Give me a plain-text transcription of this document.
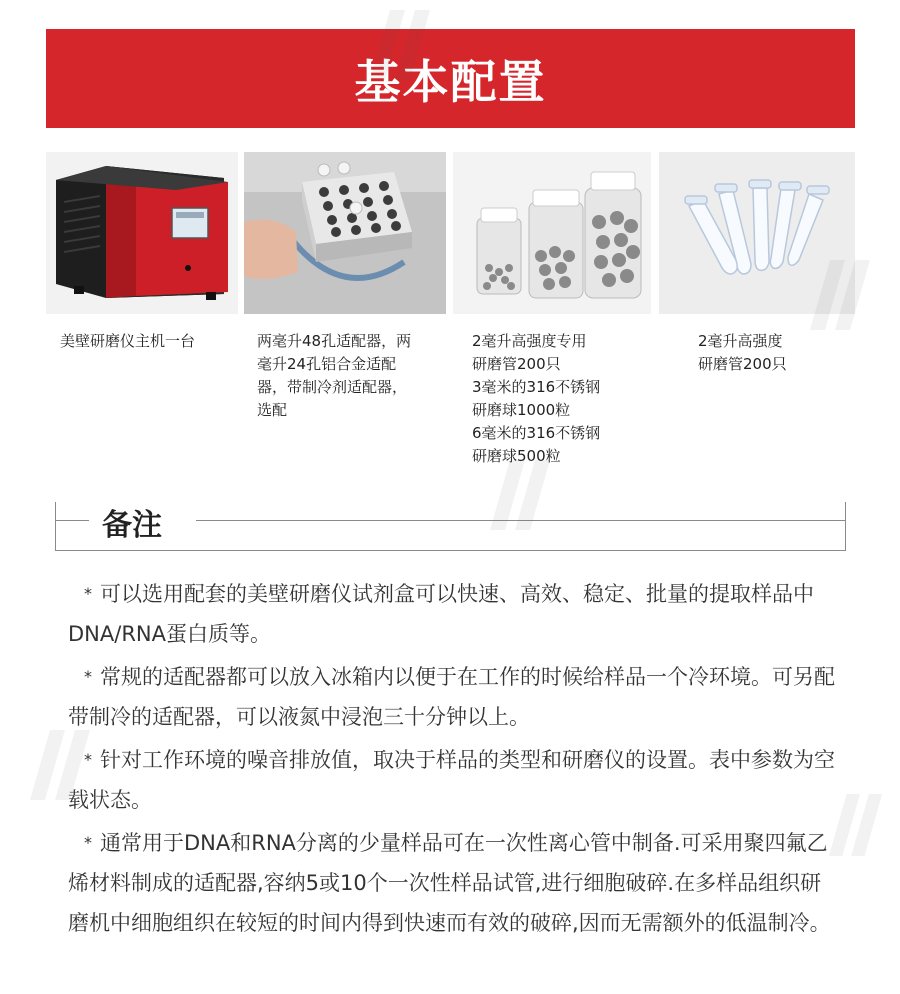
基本配置
美壁研磨仪主机一台	两毫升48孔适配器，两
毫升24孔铝合金适配
器，带制冷剂适配器，
选配
2毫升高强度专用
研磨管200只
3毫米的316不锈钢
研磨球1000粒
6毫米的316不锈钢
研磨球500粒
2毫升高强度
研磨管200只
备注

* 可以选用配套的美壁研磨仪试剂盒可以快速、高效、稳定、批量的提取样品中DNA/RNA蛋白质等。

* 常规的适配器都可以放入冰箱内以便于在工作的时候给样品一个冷环境。可另配带制冷的适配器，可以液氮中浸泡三十分钟以上。

* 针对工作环境的噪音排放值，取决于样品的类型和研磨仪的设置。表中参数为空载状态。

* 通常用于DNA和RNA分离的少量样品可在一次性离心管中制备.可采用聚四氟乙烯材料制成的适配器,容纳5或10个一次性样品试管,进行细胞破碎.在多样品组织研磨机中细胞组织在较短的时间内得到快速而有效的破碎,因而无需额外的低温制冷。
